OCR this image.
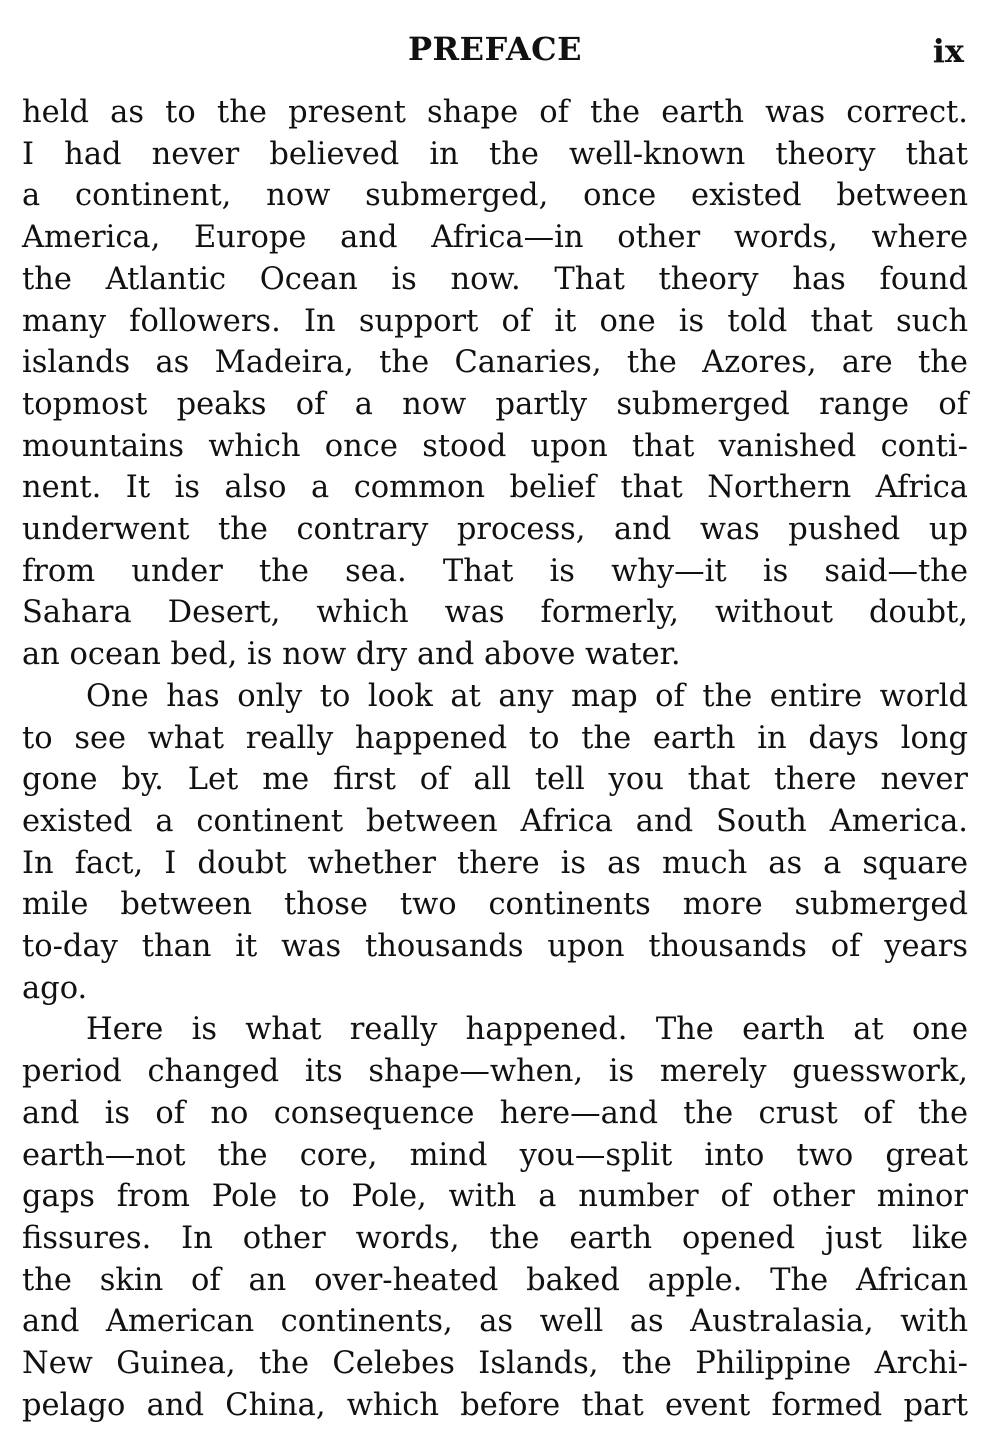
PREFACE	ix
held as to the present shape of the earth was correct.
I had never believed in the well-known theory that
a continent, now submerged, once existed between
America, Europe and Africa—in other words, where
the Atlantic Ocean is now. That theory has found
many followers. In support of it one is told that such
islands as Madeira, the Canaries, the Azores, are the
topmost peaks of a now partly submerged range of
mountains which once stood upon that vanished conti-
nent. It is also a common belief that Northern Africa
underwent the contrary process, and was pushed up
from under the sea. That is why—it is said—the
Sahara Desert, which was formerly, without doubt,
an ocean bed, is now dry and above water.
One has only to look at any map of the entire world
to see what really happened to the earth in days long
gone by. Let me first of all tell you that there never
existed a continent between Africa and South America.
In fact, I doubt whether there is as much as a square
mile between those two continents more submerged
to-day than it was thousands upon thousands of years
ago.
Here is what really happened. The earth at one
period changed its shape—when, is merely guesswork,
and is of no consequence here—and the crust of the
earth—not the core, mind you—split into two great
gaps from Pole to Pole, with a number of other minor
fissures. In other words, the earth opened just like
the skin of an over-heated baked apple. The African
and American continents, as well as Australasia, with
New Guinea, the Celebes Islands, the Philippine Archi-
pelago and China, which before that event formed part
